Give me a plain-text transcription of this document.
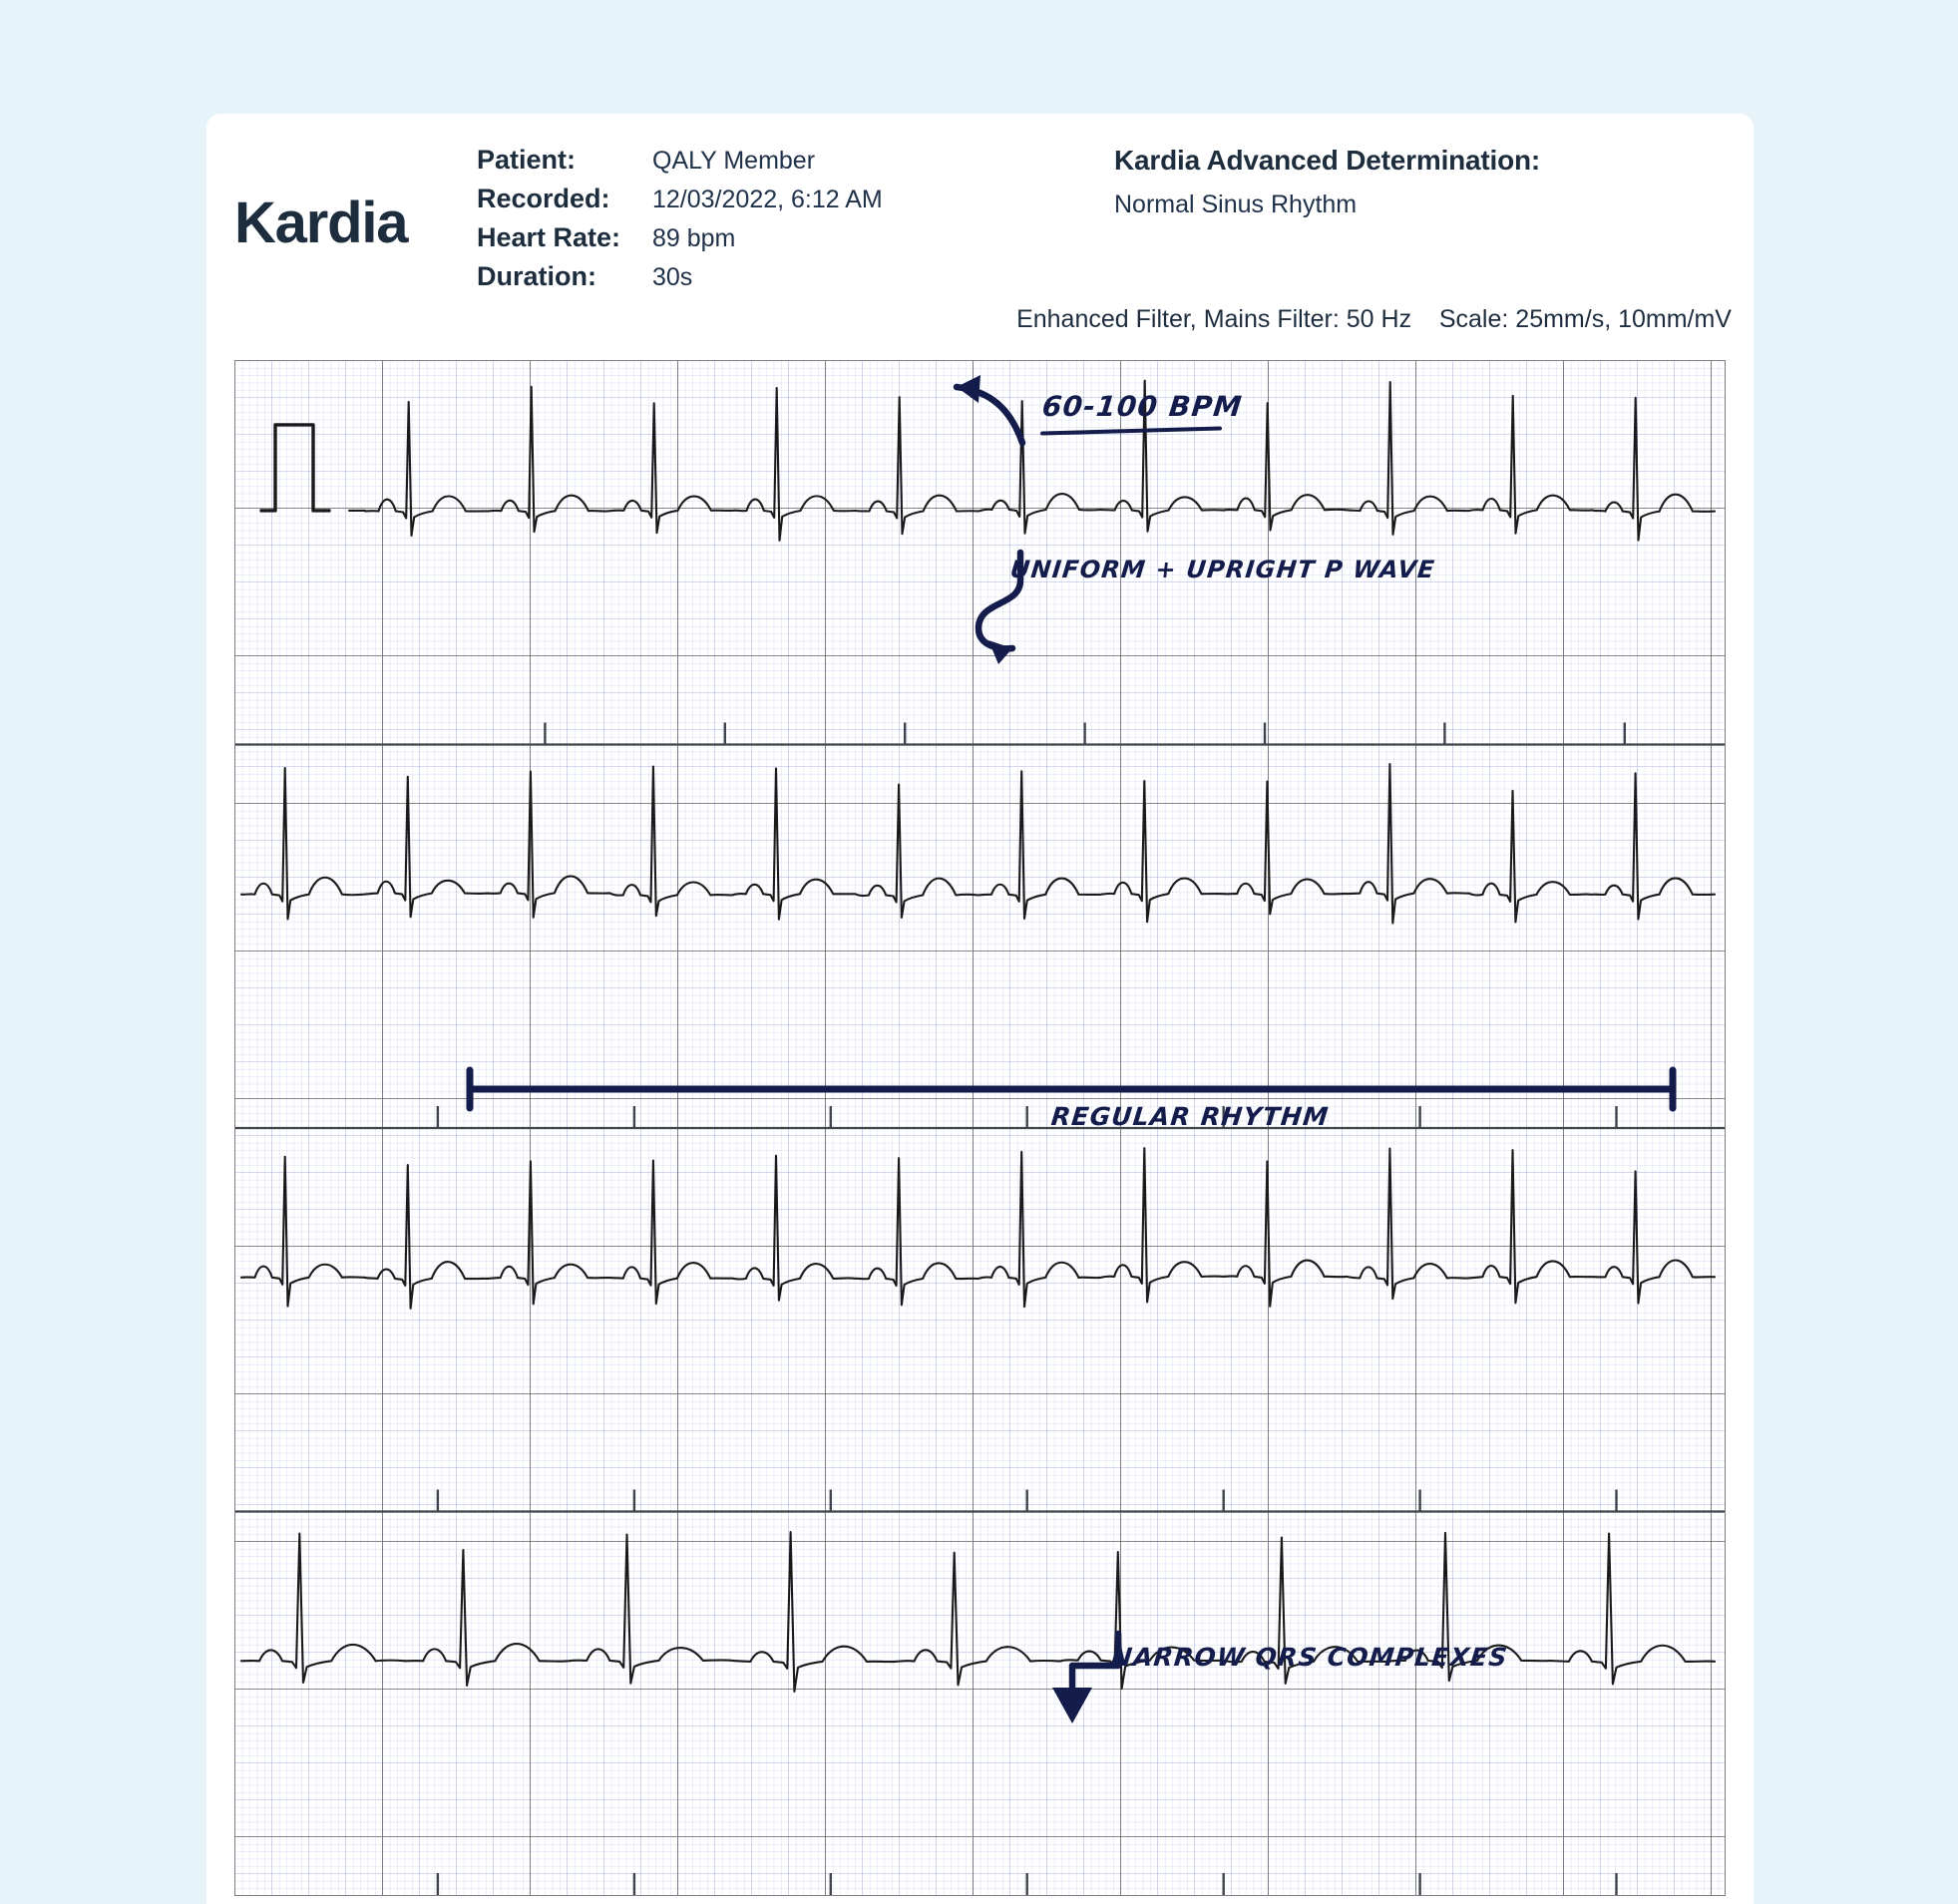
Kardia
Patient:	QALY Member
Recorded:	12/03/2022, 6:12 AM
Heart Rate:	89 bpm
Duration:	30s
Kardia Advanced Determination:
Normal Sinus Rhythm
Enhanced Filter, Mains Filter: 50 Hz    Scale: 25mm/s, 10mm/mV
60-100 BPM
UNIFORM + UPRIGHT P WAVE
REGULAR RHYTHM
NARROW QRS COMPLEXES
